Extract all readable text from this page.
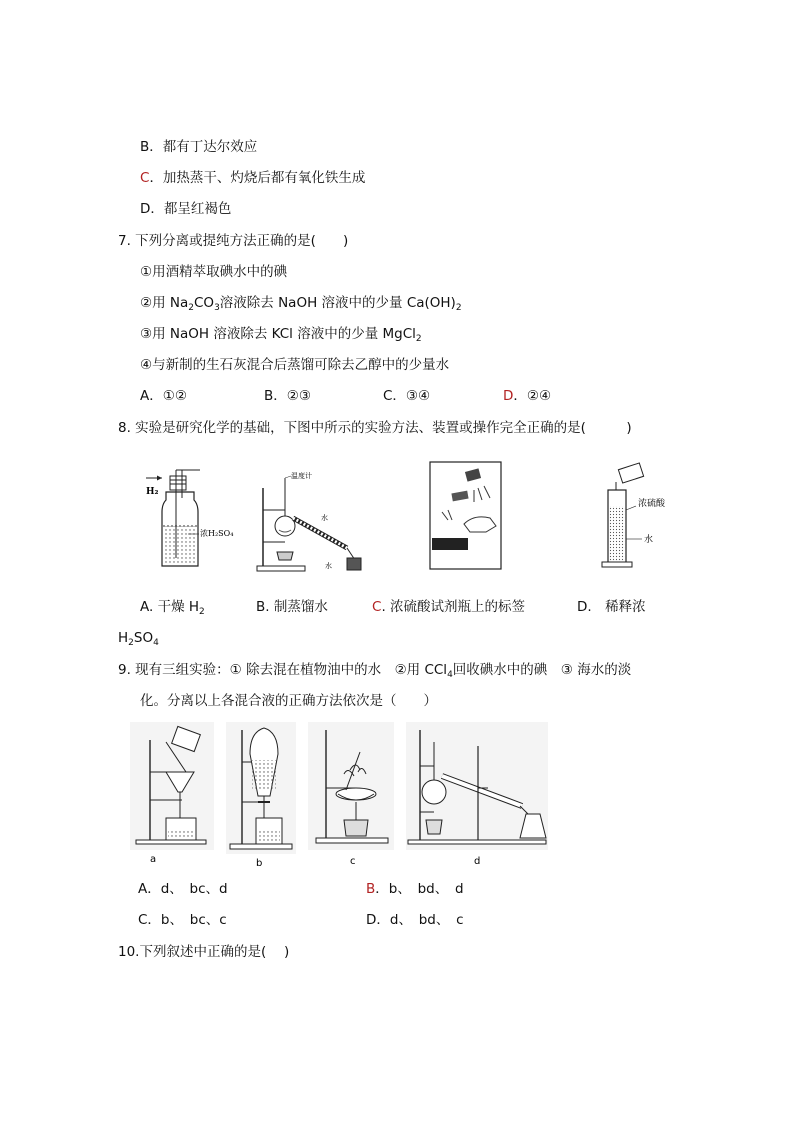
B．都有丁达尔效应
C．加热蒸干、灼烧后都有氧化铁生成
D．都呈红褐色
7. 下列分离或提纯方法正确的是(　　)
①用酒精萃取碘水中的碘
②用 $Na_2CO_3$溶液除去 NaOH 溶液中的少量 $Ca(OH)_2$
③用 NaOH 溶液除去 KCl 溶液中的少量 MgCl$_2$
④与新制的生石灰混合后蒸馏可除去乙醇中的少量水
A．①②	B．②③	C．③④	D．②④
8. 实验是研究化学的基础，下图中所示的实验方法、装置或操作完全正确的是(　　　)
H₂
浓H₂SO₄
温度计
水
水
浓硫酸
水
A. 干燥 $H_2$	B. 制蒸馏水	C. 浓硫酸试剂瓶上的标签	D.　稀释浓
$H_2SO_4$
9. 现有三组实验：① 除去混在植物油中的水　②用 CCl$_4$回收碘水中的碘　③ 海水的淡
化。分离以上各混合液的正确方法依次是（　　）
a	b	c	d
A．d、　bc、d	B．b、　bd、　d
C．b、　bc、c	D．d、　bd、　c
10.下列叙述中正确的是(　 )
